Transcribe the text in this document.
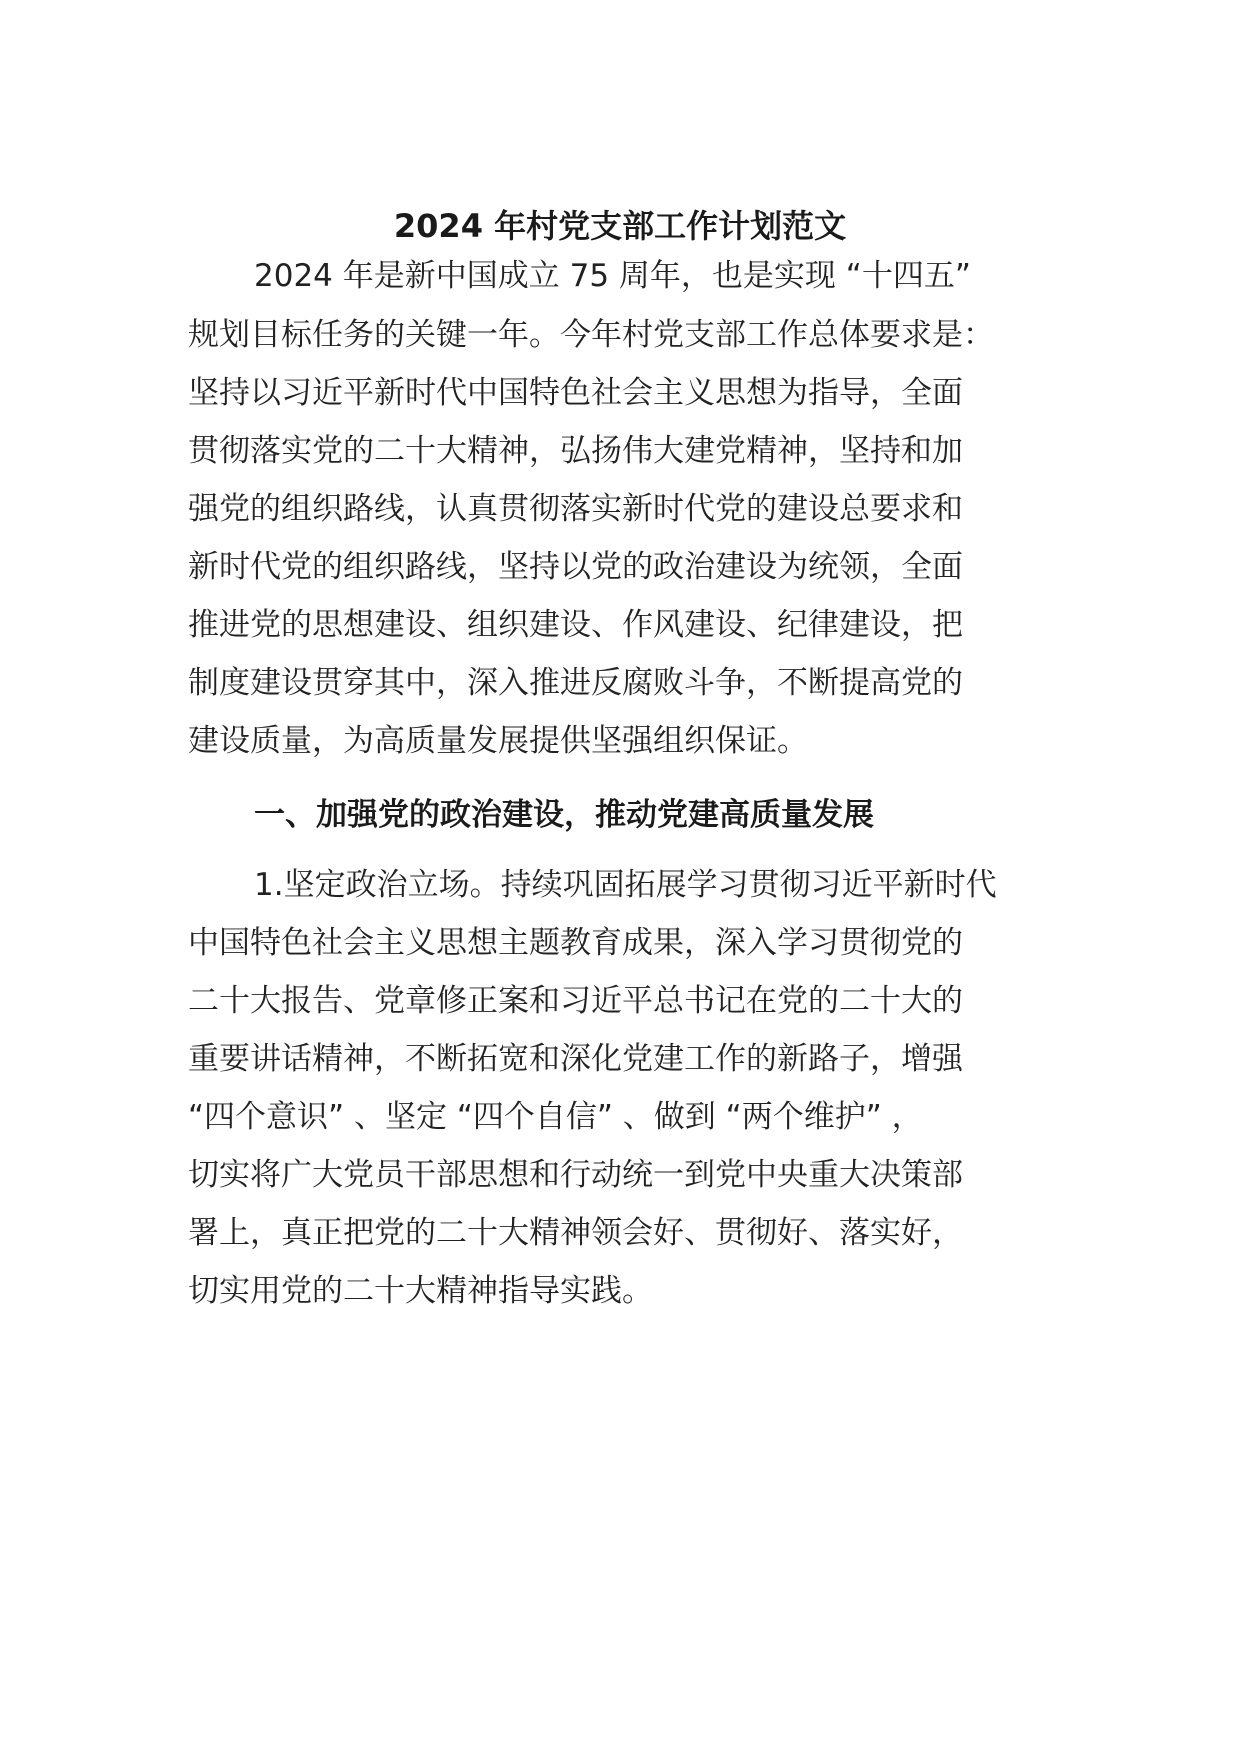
2024 年村党支部工作计划范文
2024 年是新中国成立 75 周年，也是实现 “十四五”
规划目标任务的关键一年。今年村党支部工作总体要求是：
坚持以习近平新时代中国特色社会主义思想为指导，全面
贯彻落实党的二十大精神，弘扬伟大建党精神，坚持和加
强党的组织路线，认真贯彻落实新时代党的建设总要求和
新时代党的组织路线，坚持以党的政治建设为统领，全面
推进党的思想建设、组织建设、作风建设、纪律建设，把
制度建设贯穿其中，深入推进反腐败斗争，不断提高党的
建设质量，为高质量发展提供坚强组织保证。
一、加强党的政治建设，推动党建高质量发展
1.坚定政治立场。持续巩固拓展学习贯彻习近平新时代
中国特色社会主义思想主题教育成果，深入学习贯彻党的
二十大报告、党章修正案和习近平总书记在党的二十大的
重要讲话精神，不断拓宽和深化党建工作的新路子，增强
“四个意识” 、坚定 “四个自信” 、做到 “两个维护” ，
切实将广大党员干部思想和行动统一到党中央重大决策部
署上，真正把党的二十大精神领会好、贯彻好、落实好，
切实用党的二十大精神指导实践。
